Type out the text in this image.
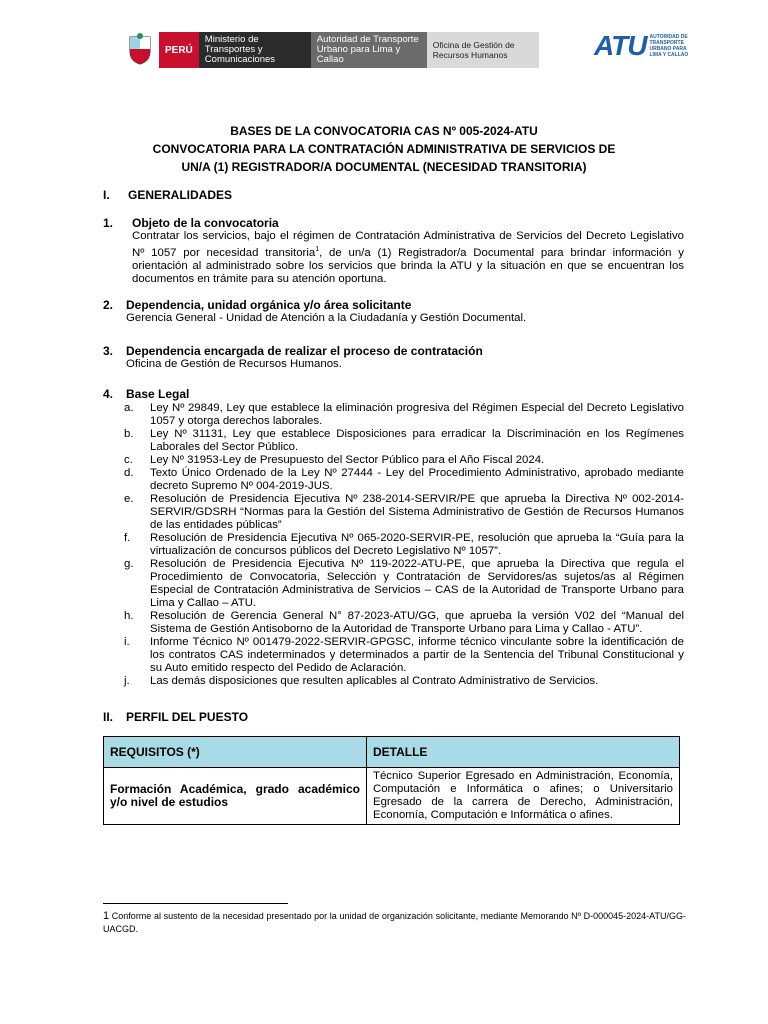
PERÚ
Ministerio de Transportes y Comunicaciones
Autoridad de Transporte Urbano para Lima y Callao
Oficina de Gestión de Recursos Humanos	ATU AUTORIDAD DE TRANSPORTE URBANO PARA LIMA Y CALLAO
BASES DE LA CONVOCATORIA CAS Nº 005-2024-ATU
CONVOCATORIA PARA LA CONTRATACIÓN ADMINISTRATIVA DE SERVICIOS DE
UN/A (1) REGISTRADOR/A DOCUMENTAL (NECESIDAD TRANSITORIA)
I. GENERALIDADES
1. Objeto de la convocatoria
Contratar los servicios, bajo el régimen de Contratación Administrativa de Servicios del Decreto Legislativo Nº 1057 por necesidad transitoria$^1$, de un/a (1) Registrador/a Documental para brindar información y orientación al administrado sobre los servicios que brinda la ATU y la situación en que se encuentran los documentos en trámite para su atención oportuna.
2. Dependencia, unidad orgánica y/o área solicitante
Gerencia General - Unidad de Atención a la Ciudadanía y Gestión Documental.
3. Dependencia encargada de realizar el proceso de contratación
Oficina de Gestión de Recursos Humanos.
4. Base Legal
a.	Ley Nº 29849, Ley que establece la eliminación progresiva del Régimen Especial del Decreto Legislativo 1057 y otorga derechos laborales.
b.	Ley Nº 31131, Ley que establece Disposiciones para erradicar la Discriminación en los Regímenes Laborales del Sector Público.
c.	Ley Nº 31953-Ley de Presupuesto del Sector Público para el Año Fiscal 2024.
d.	Texto Único Ordenado de la Ley Nº 27444 - Ley del Procedimiento Administrativo, aprobado mediante decreto Supremo Nº 004-2019-JUS.
e.	Resolución de Presidencia Ejecutiva Nº 238-2014-SERVIR/PE que aprueba la Directiva Nº 002-2014-SERVIR/GDSRH “Normas para la Gestión del Sistema Administrativo de Gestión de Recursos Humanos de las entidades públicas”
f.	Resolución de Presidencia Ejecutiva Nº 065-2020-SERVIR-PE, resolución que aprueba la “Guía para la virtualización de concursos públicos del Decreto Legislativo Nº 1057”.
g.	Resolución de Presidencia Ejecutiva Nº 119-2022-ATU-PE, que aprueba la Directiva que regula el Procedimiento de Convocatoria, Selección y Contratación de Servidores/as sujetos/as al Régimen Especial de Contratación Administrativa de Servicios – CAS de la Autoridad de Transporte Urbano para Lima y Callao – ATU.
h.	Resolución de Gerencia General N° 87-2023-ATU/GG, que aprueba la versión V02 del “Manual del Sistema de Gestión Antisoborno de la Autoridad de Transporte Urbano para Lima y Callao - ATU”.
i.	Informe Técnico Nº 001479-2022-SERVIR-GPGSC, informe técnico vinculante sobre la identificación de los contratos CAS indeterminados y determinados a partir de la Sentencia del Tribunal Constitucional y su Auto emitido respecto del Pedido de Aclaración.
j.	Las demás disposiciones que resulten aplicables al Contrato Administrativo de Servicios.
II. PERFIL DEL PUESTO
REQUISITOS (*)	DETALLE
Formación Académica, grado académico y/o nivel de estudios	Técnico Superior Egresado en Administración, Economía, Computación e Informática o afines; o Universitario Egresado de la carrera de Derecho, Administración, Economía, Computación e Informática o afines.
1 Conforme al sustento de la necesidad presentado por la unidad de organización solicitante, mediante Memorando Nº D-000045-2024-ATU/GG-UACGD.
